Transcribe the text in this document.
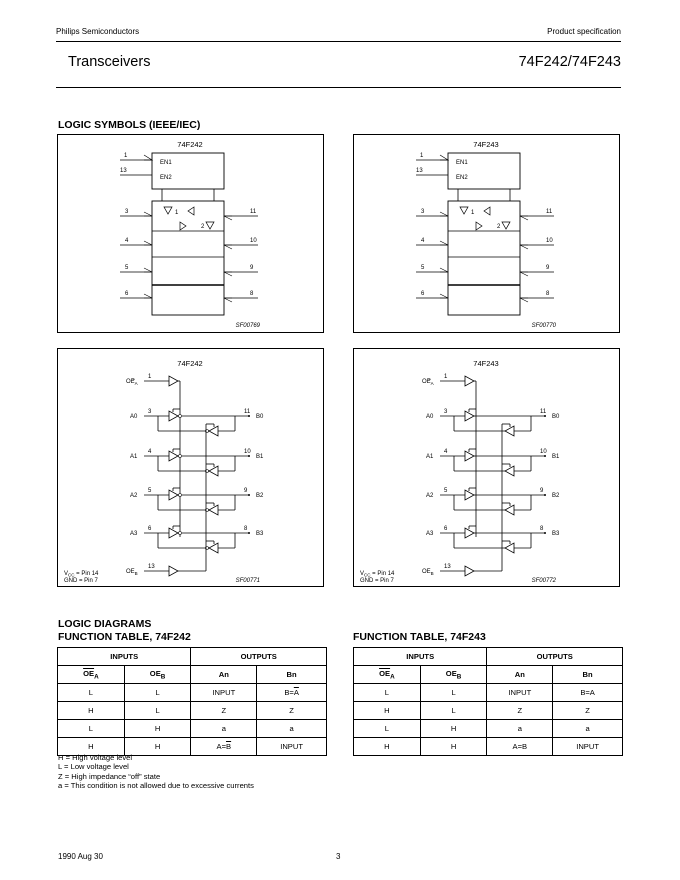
Philips Semiconductors	Product specification
Transceivers	74F242/74F243
LOGIC SYMBOLS (IEEE/IEC)
74F242
1
13
EN1
EN2
1
2
3	11
4	10
5	9
6	8
SF00769
74F243
1
13
EN1
EN2
1
2
3	11
4	10
5	9
6	8
SF00770
74F242
$OE_A$
1
A0
3	11
B0
A1
4	10
B1
A2
5	9
B2
A3
6	8
B3
$OE_B$
13
$V_{CC}$ = Pin 14
GND = Pin 7	SF00771
74F243
$OE_A$
1
A0
3	11
B0
A1
4	10
B1
A2
5	9
B2
A3
6	8
B3
$OE_B$
13
$V_{CC}$ = Pin 14
GND = Pin 7	SF00772
LOGIC DIAGRAMS
FUNCTION TABLE, 74F242	FUNCTION TABLE, 74F243
INPUTS		OUTPUTS	
$\overline{OE}_A$	$OE_B$	An	Bn
L	L	INPUT	$B=\overline{A}$
H	L	Z	Z
L	H	a	a
H	H	$A=\overline{B}$	INPUT
INPUTS		OUTPUTS	
$\overline{OE}_A$	$OE_B$	An	Bn
L	L	INPUT	B=A
H	L	Z	Z
L	H	a	a
H	H	A=B	INPUT
H = High voltage level
L = Low voltage level
Z = High impedance “off” state
a = This condition is not allowed due to excessive currents
1990 Aug 30	3
